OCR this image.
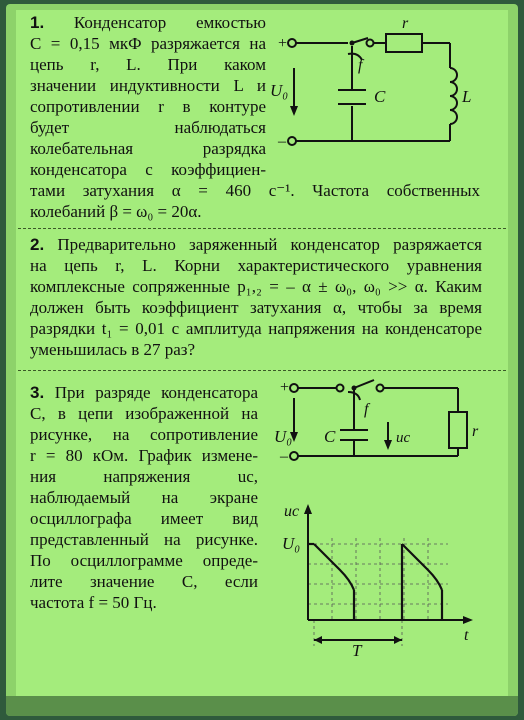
1. Конденсатор емкостью

C = 0,15 мкФ разряжается на

цепь r, L. При каком

значении индуктивности L и

сопротивлении r в контуре

будет наблюдаться

колебательная разрядка

конденсатора с коэффициен-

тами затухания α = 460 с⁻¹. Частота собственных

колебаний β = ω₀ = 20α.

+
–
U₀
f
C
r
L

2. Предварительно заряженный конденсатор разряжается

на цепь r, L. Корни характеристического уравнения

комплексные сопряженные p₁,₂ = – α ± ω₀, ω₀ >> α. Каким

должен быть коэффициент затухания α, чтобы за время

разрядки t₁ = 0,01 с амплитуда напряжения на конденсаторе

уменьшилась в 27 раз?

3. При разряде конденсатора

C, в цепи изображенной на

рисунке, на сопротивление

r = 80 кОм. График измене-

ния напряжения uс,

наблюдаемый на экране

осциллографа имеет вид

представленный на рисунке.

По осциллограмме опреде-

лите значение C, если

частота f = 50 Гц.

+
–
U₀
f
C	uc	r
uc
U₀
T
t
